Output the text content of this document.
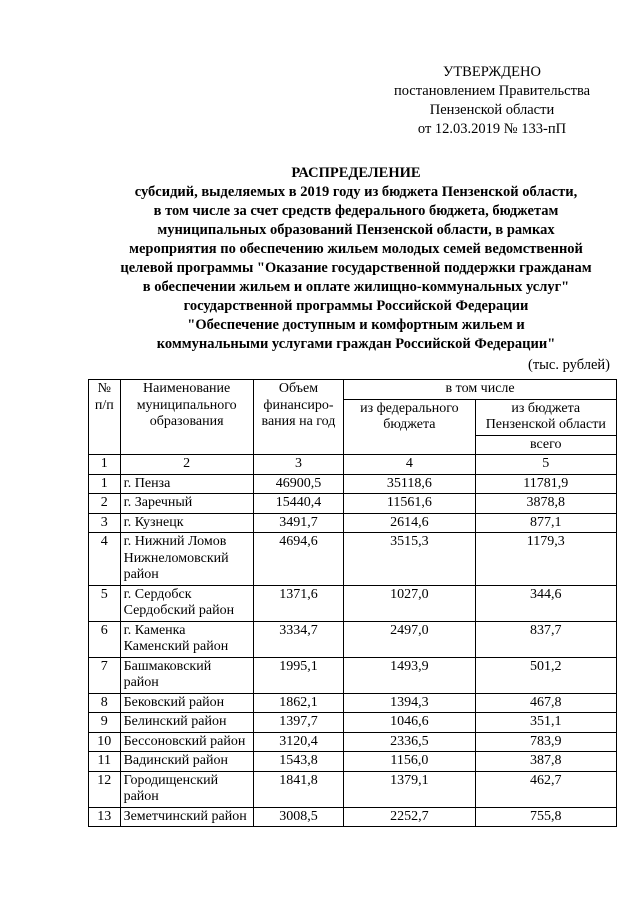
УТВЕРЖДЕНО
постановлением Правительства
Пензенской области
от 12.03.2019 № 133-пП
РАСПРЕДЕЛЕНИЕ
субсидий, выделяемых в 2019 году из бюджета Пензенской области,
в том числе за счет средств федерального бюджета, бюджетам
муниципальных образований Пензенской области, в рамках
мероприятия по обеспечению жильем молодых семей ведомственной
целевой программы "Оказание государственной поддержки гражданам
в обеспечении жильем и оплате жилищно-коммунальных услуг"
государственной программы Российской Федерации
"Обеспечение доступным и комфортным жильем и
коммунальными услугами граждан Российской Федерации"
(тыс. рублей)
№ п/п	Наименование муниципального образования	Объем финансиро-вания на год	в том числе	
			из федерального бюджета	из бюджета Пензенской области
				всего
1	2	3	4	5
1	г. Пенза	46900,5	35118,6	11781,9
2	г. Заречный	15440,4	11561,6	3878,8
3	г. Кузнецк	3491,7	2614,6	877,1
4	г. Нижний Ломов Нижнеломовский район	4694,6	3515,3	1179,3
5	г. Сердобск Сердобский район	1371,6	1027,0	344,6
6	г. Каменка Каменский район	3334,7	2497,0	837,7
7	Башмаковский район	1995,1	1493,9	501,2
8	Бековский район	1862,1	1394,3	467,8
9	Белинский район	1397,7	1046,6	351,1
10	Бессоновский район	3120,4	2336,5	783,9
11	Вадинский район	1543,8	1156,0	387,8
12	Городищенский район	1841,8	1379,1	462,7
13	Земетчинский район	3008,5	2252,7	755,8
